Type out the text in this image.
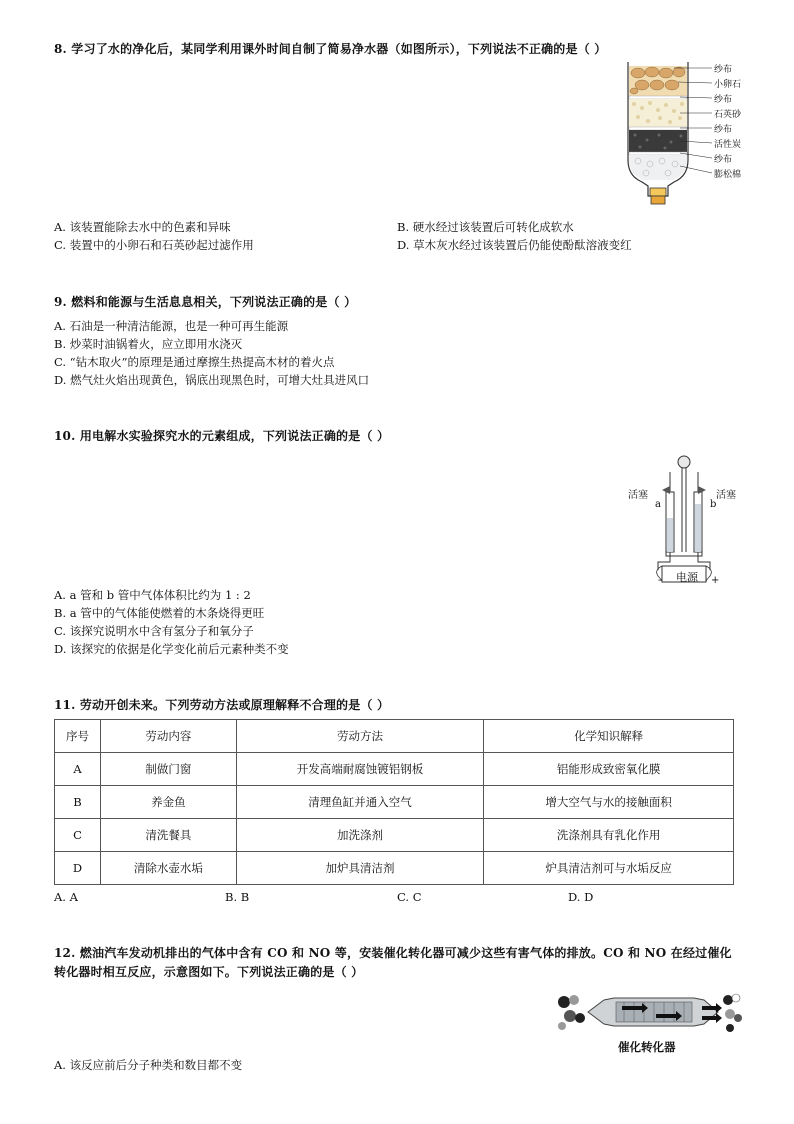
8. 学习了水的净化后，某同学利用课外时间自制了简易净水器（如图所示），下列说法不正确的是（ ）
纱布
小卵石
纱布
石英砂
纱布
活性炭
纱布
膨松棉
A. 该装置能除去水中的色素和异味	B. 硬水经过该装置后可转化成软水
C. 装置中的小卵石和石英砂起过滤作用	D. 草木灰水经过该装置后仍能使酚酞溶液变红
9. 燃料和能源与生活息息相关，下列说法正确的是（ ）
A. 石油是一种清洁能源，也是一种可再生能源
B. 炒菜时油锅着火，应立即用水浇灭
C. “钻木取火”的原理是通过摩擦生热提高木材的着火点
D. 燃气灶火焰出现黄色，锅底出现黑色时，可增大灶具进风口
10. 用电解水实验探究水的元素组成，下列说法正确的是（ ）
活塞	活塞
a	b
电源
-	+
A. a 管和 b 管中气体体积比约为 1 : 2
B. a 管中的气体能使燃着的木条烧得更旺
C. 该探究说明水中含有氢分子和氧分子
D. 该探究的依据是化学变化前后元素种类不变
11. 劳动开创未来。下列劳动方法或原理解释不合理的是（ ）
序号	劳动内容	劳动方法	化学知识解释
A	制做门窗	开发高端耐腐蚀镀铝钢板	铝能形成致密氧化膜
B	养金鱼	清理鱼缸并通入空气	增大空气与水的接触面积
C	清洗餐具	加洗涤剂	洗涤剂具有乳化作用
D	清除水壶水垢	加炉具清洁剂	炉具清洁剂可与水垢反应
A. A	B. B	C. C	D. D
12. 燃油汽车发动机排出的气体中含有 CO 和 NO 等，安装催化转化器可减少这些有害气体的排放。CO 和 NO 在经过催化
转化器时相互反应，示意图如下。下列说法正确的是（ ）
催化转化器
A. 该反应前后分子种类和数目都不变
